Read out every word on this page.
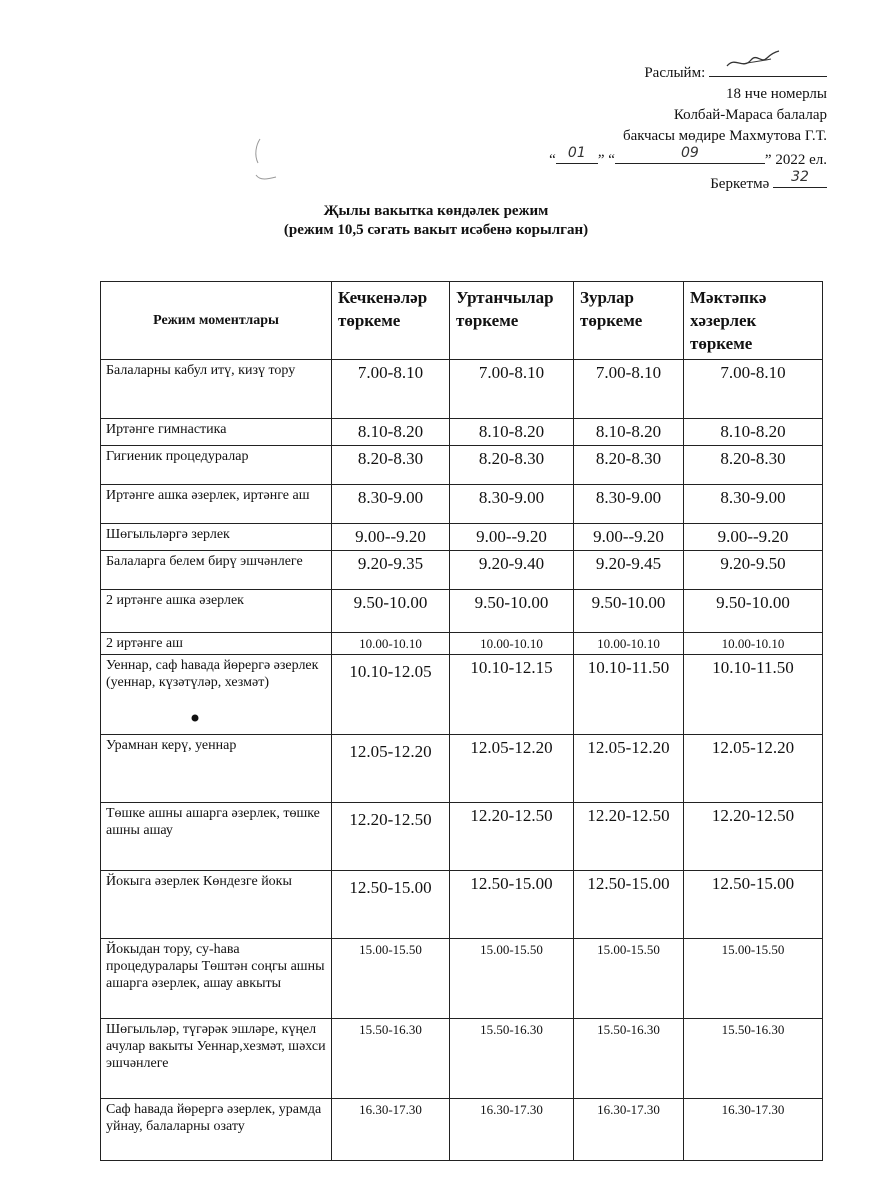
Раслыйм:
18 нче номерлы
Колбай-Мараса балалар
бакчасы мөдире Махмутова Г.Т.
“ 01 ” “	09	” 2022 ел.
Беркетмә	32
Җылы вакытка көндәлек режим
(режим 10,5 сәгать вакыт исәбенә корылган)
Режим моментлары	Кечкенәләр төркеме	Уртанчылар төркеме	Зурлар төркеме	Мәктәпкә хәзерлек төркеме
Балаларны кабул итү, кизү тору	7.00-8.10	7.00-8.10	7.00-8.10	7.00-8.10
Иртәнге гимнастика	8.10-8.20	8.10-8.20	8.10-8.20	8.10-8.20
Гигиеник процедуралар	8.20-8.30	8.20-8.30	8.20-8.30	8.20-8.30
Иртәнге ашка әзерлек, иртәнге аш	8.30-9.00	8.30-9.00	8.30-9.00	8.30-9.00
Шөгыльләргә зерлек	9.00--9.20	9.00--9.20	9.00--9.20	9.00--9.20
Балаларга белем бирү эшчәнлеге	9.20-9.35	9.20-9.40	9.20-9.45	9.20-9.50
2 иртәнге ашка әзерлек	9.50-10.00	9.50-10.00	9.50-10.00	9.50-10.00
2 иртәнге аш	10.00-10.10	10.00-10.10	10.00-10.10	10.00-10.10
Уеннар, саф һавада йөрергә әзерлек (уеннар, күзәтүләр, хезмәт)	10.10-12.05	10.10-12.15	10.10-11.50	10.10-11.50
Урамнан керү, уеннар	12.05-12.20	12.05-12.20	12.05-12.20	12.05-12.20
Төшке ашны ашарга әзерлек, төшке ашны ашау	12.20-12.50	12.20-12.50	12.20-12.50	12.20-12.50
Йокыга әзерлек Көндезге йокы	12.50-15.00	12.50-15.00	12.50-15.00	12.50-15.00
Йокыдан тору, су-һава процедуралары Төштән соңгы ашны ашарга әзерлек, ашау авкыты	15.00-15.50	15.00-15.50	15.00-15.50	15.00-15.50
Шөгыльләр, түгәрәк эшләре, күңел ачулар вакыты Уеннар,хезмәт, шәхси эшчәнлеге	15.50-16.30	15.50-16.30	15.50-16.30	15.50-16.30
Саф һавада йөрергә әзерлек, урамда уйнау, балаларны озату	16.30-17.30	16.30-17.30	16.30-17.30	16.30-17.30
